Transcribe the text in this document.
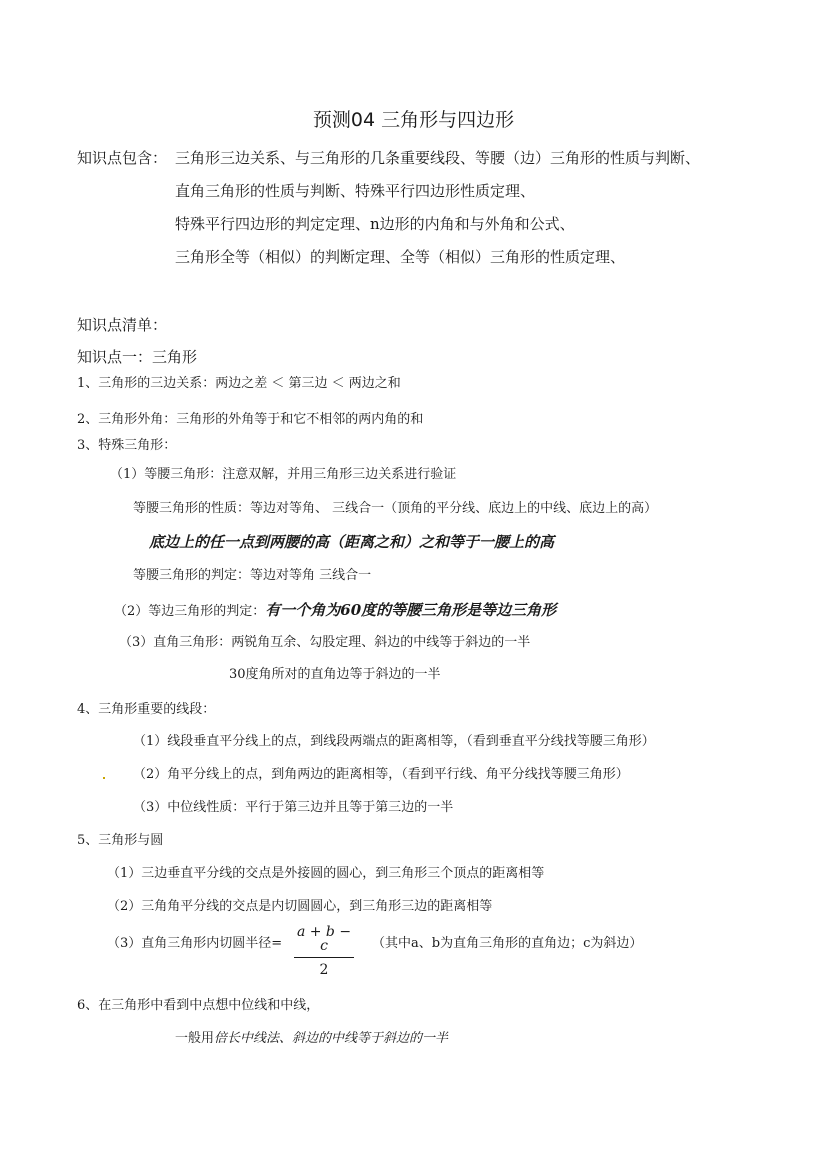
预测04 三角形与四边形
知识点包含： 三角形三边关系、与三角形的几条重要线段、等腰（边）三角形的性质与判断、
直角三角形的性质与判断、特殊平行四边形性质定理、
特殊平行四边形的判定定理、n边形的内角和与外角和公式、
三角形全等（相似）的判断定理、全等（相似）三角形的性质定理、
知识点清单：
知识点一：三角形
1、三角形的三边关系：两边之差 ＜ 第三边 ＜ 两边之和
2、三角形外角：三角形的外角等于和它不相邻的两内角的和
3、特殊三角形：
（1）等腰三角形：注意双解，并用三角形三边关系进行验证
等腰三角形的性质：等边对等角、 三线合一（顶角的平分线、底边上的中线、底边上的高）
底边上的任一点到两腰的高（距离之和）之和等于一腰上的高
等腰三角形的判定：等边对等角 三线合一
（2）等边三角形的判定：有一个角为60度的等腰三角形是等边三角形
（3）直角三角形：两锐角互余、勾股定理、斜边的中线等于斜边的一半
30度角所对的直角边等于斜边的一半
4、三角形重要的线段：
（1）线段垂直平分线上的点，到线段两端点的距离相等，（看到垂直平分线找等腰三角形）
（2）角平分线上的点，到角两边的距离相等，（看到平行线、角平分线找等腰三角形）
（3）中位线性质：平行于第三边并且等于第三边的一半
5、三角形与圆
（1）三边垂直平分线的交点是外接圆的圆心，到三角形三个顶点的距离相等
（2）三角角平分线的交点是内切圆圆心，到三角形三边的距离相等
（3）直角三角形内切圆半径=
a + b − c
2
（其中a、b为直角三角形的直角边；c为斜边）
6、在三角形中看到中点想中位线和中线，
一般用倍长中线法、斜边的中线等于斜边的一半
